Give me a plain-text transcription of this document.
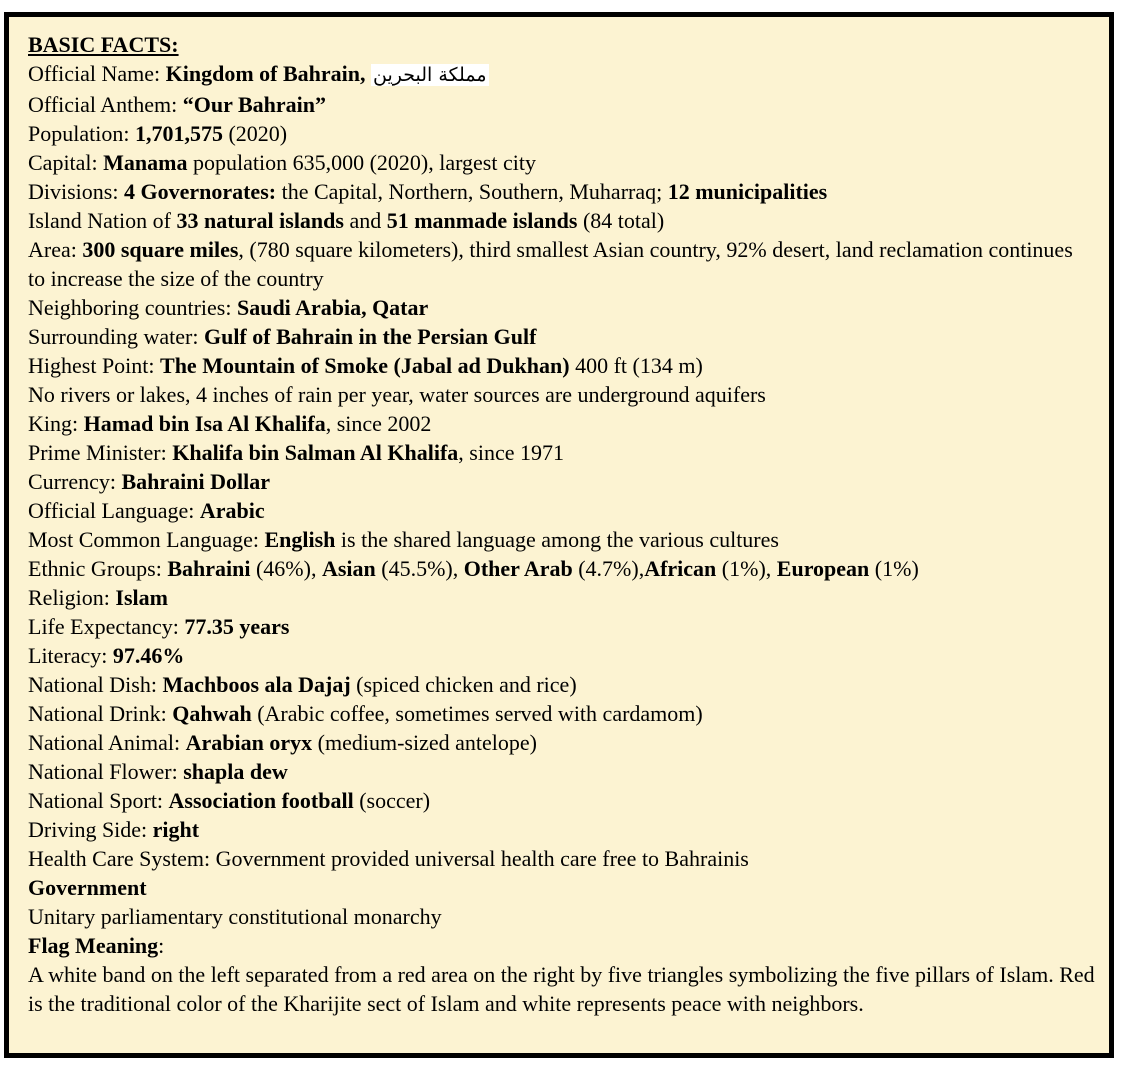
BASIC FACTS:
Official Name: Kingdom of Bahrain, مملكة البحرين
Official Anthem: “Our Bahrain”
Population: 1,701,575 (2020)
Capital: Manama population 635,000 (2020), largest city
Divisions: 4 Governorates: the Capital, Northern, Southern, Muharraq; 12 municipalities
Island Nation of 33 natural islands and 51 manmade islands (84 total)
Area: 300 square miles, (780 square kilometers), third smallest Asian country, 92% desert, land reclamation continues to increase the size of the country
Neighboring countries: Saudi Arabia, Qatar
Surrounding water: Gulf of Bahrain in the Persian Gulf
Highest Point: The Mountain of Smoke (Jabal ad Dukhan) 400 ft (134 m)
No rivers or lakes, 4 inches of rain per year, water sources are underground aquifers
King: Hamad bin Isa Al Khalifa, since 2002
Prime Minister: Khalifa bin Salman Al Khalifa, since 1971
Currency: Bahraini Dollar
Official Language: Arabic
Most Common Language: English is the shared language among the various cultures
Ethnic Groups: Bahraini (46%), Asian (45.5%), Other Arab (4.7%),African (1%), European (1%)
Religion: Islam
Life Expectancy: 77.35 years
Literacy: 97.46%
National Dish: Machboos ala Dajaj (spiced chicken and rice)
National Drink: Qahwah (Arabic coffee, sometimes served with cardamom)
National Animal: Arabian oryx (medium-sized antelope)
National Flower: shapla dew
National Sport: Association football (soccer)
Driving Side: right
Health Care System: Government provided universal health care free to Bahrainis
Government
Unitary parliamentary constitutional monarchy
Flag Meaning:
A white band on the left separated from a red area on the right by five triangles symbolizing the five pillars of Islam. Red is the traditional color of the Kharijite sect of Islam and white represents peace with neighbors.
